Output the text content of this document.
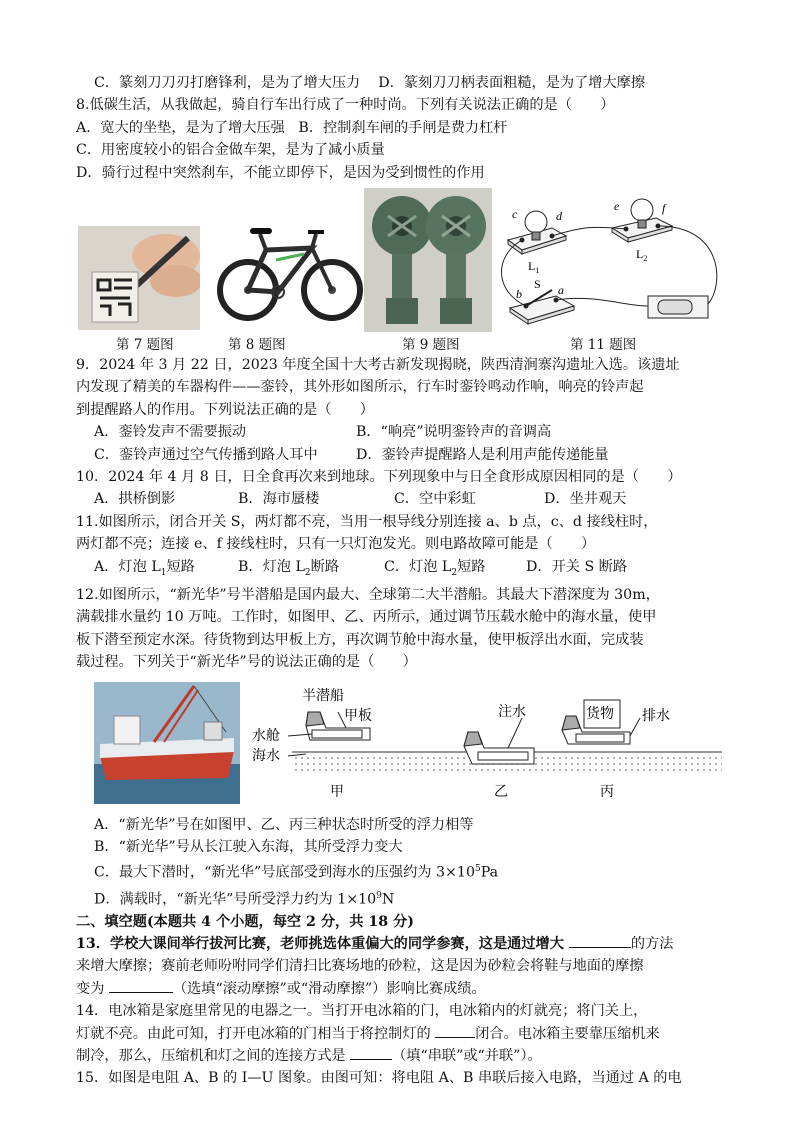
C．篆刻刀刀刃打磨锋利，是为了增大压力 D．篆刻刀刀柄表面粗糙，是为了增大摩擦
8.低碳生活，从我做起，骑自行车出行成了一种时尚。下列有关说法正确的是（　　）
A．宽大的坐垫，是为了增大压强 B．控制刹车闸的手闸是费力杠杆
C．用密度较小的铝合金做车架，是为了减小质量
D．骑行过程中突然刹车，不能立即停下，是因为受到惯性的作用
c	d
e	f
$L_1$
$L_2$
a
b
S
第 7 题图	第 8 题图	第 9 题图	第 11 题图
9．2024 年 3 月 22 日，2023 年度全国十大考古新发现揭晓，陕西清涧寨沟遗址入选。该遗址
内发现了精美的车器构件——銮铃，其外形如图所示，行车时銮铃鸣动作响，响亮的铃声起
到提醒路人的作用。下列说法正确的是（　　）
A．銮铃发声不需要振动	B．“响亮”说明銮铃声的音调高
C．銮铃声通过空气传播到路人耳中	D．銮铃声提醒路人是利用声能传递能量
10．2024 年 4 月 8 日，日全食再次来到地球。下列现象中与日全食形成原因相同的是（　　）
A．拱桥倒影	B．海市蜃楼	C．空中彩虹	D．坐井观天
11.如图所示，闭合开关 S，两灯都不亮，当用一根导线分别连接 a、b 点，c、d 接线柱时，
两灯都不亮；连接 e、f 接线柱时，只有一只灯泡发光。则电路故障可能是（　　）
A．灯泡 $L_1$短路	B．灯泡 $L_2$断路	C．灯泡 $L_2$短路	D．开关 S 断路
12.如图所示，“新光华”号半潜船是国内最大、全球第二大半潜船。其最大下潜深度为 30m，
满载排水量约 10 万吨。工作时，如图甲、乙、丙所示，通过调节压载水舱中的海水量，使甲
板下潜至预定水深。待货物到达甲板上方，再次调节舱中海水量，使甲板浮出水面，完成装
载过程。下列关于“新光华”号的说法正确的是（　　）
半潜船
甲板
水舱
海水
注水	货物 排水
甲	乙	丙
A．“新光华”号在如图甲、乙、丙三种状态时所受的浮力相等
B．“新光华”号从长江驶入东海，其所受浮力变大
C．最大下潜时，“新光华”号底部受到海水的压强约为 $3\times 10^5Pa$
D．满载时，“新光华”号所受浮力约为 $1\times 10^9N$
二、填空题(本题共 4 个小题，每空 2 分，共 18 分)
13．学校大课间举行拔河比赛，老师挑选体重偏大的同学参赛，这是通过增大	的方法
来增大摩擦；赛前老师吩咐同学们清扫比赛场地的砂粒，这是因为砂粒会将鞋与地面的摩擦
变为	（选填“滚动摩擦”或“滑动摩擦”）影响比赛成绩。
14．电冰箱是家庭里常见的电器之一。当打开电冰箱的门，电冰箱内的灯就亮；将门关上，
灯就不亮。由此可知，打开电冰箱的门相当于将控制灯的	闭合。电冰箱主要靠压缩机来
制冷，那么，压缩机和灯之间的连接方式是	（填“串联”或“并联”）。
15．如图是电阻 A、B 的 I—U 图象。由图可知：将电阻 A、B 串联后接入电路，当通过 A 的电
